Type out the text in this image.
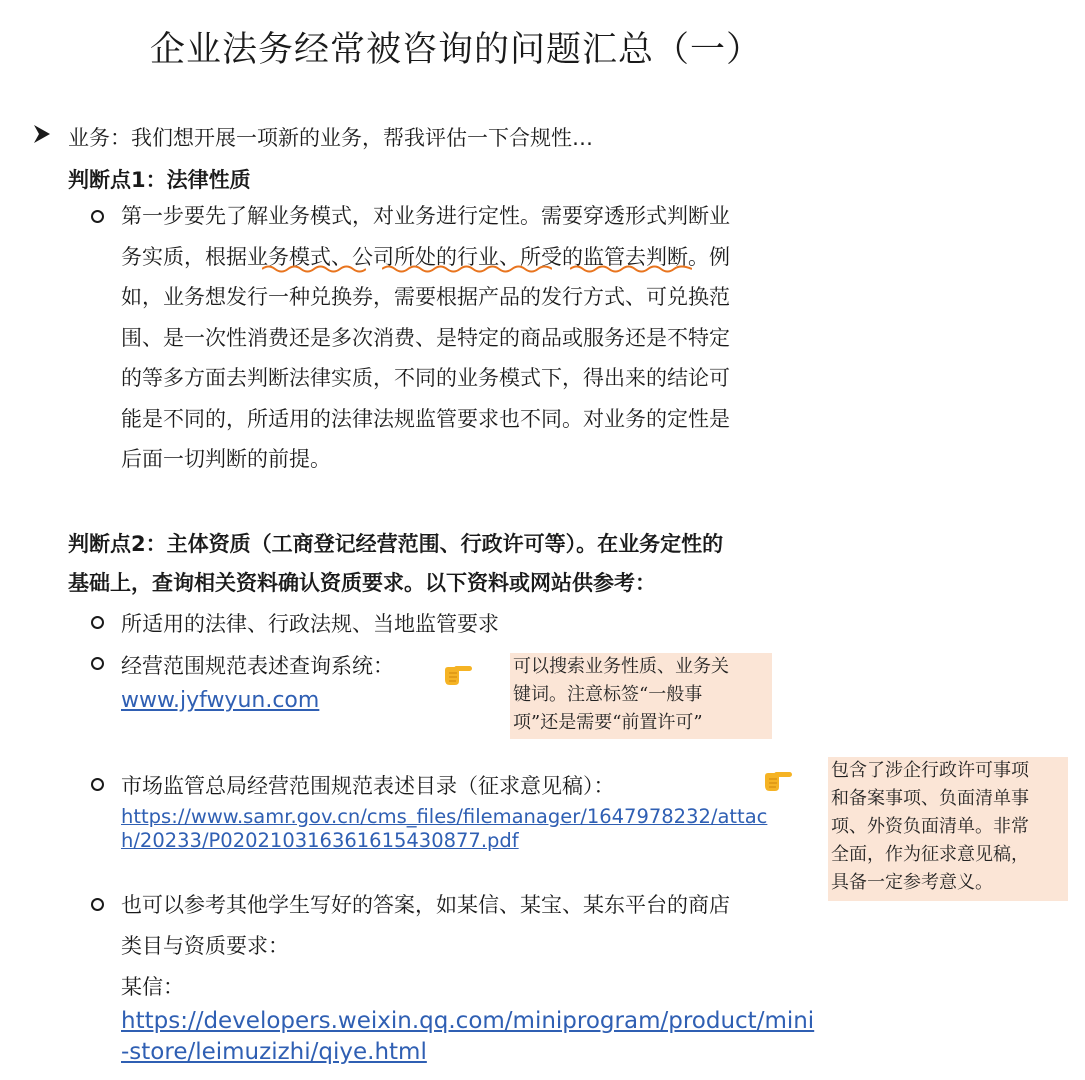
企业法务经常被咨询的问题汇总（一）
业务：我们想开展一项新的业务，帮我评估一下合规性…
判断点1：法律性质
第一步要先了解业务模式，对业务进行定性。需要穿透形式判断业
务实质，根据业务模式、公司所处的行业、所受的监管去判断。例
如，业务想发行一种兑换券，需要根据产品的发行方式、可兑换范
围、是一次性消费还是多次消费、是特定的商品或服务还是不特定
的等多方面去判断法律实质，不同的业务模式下，得出来的结论可
能是不同的，所适用的法律法规监管要求也不同。对业务的定性是
后面一切判断的前提。
判断点2：主体资质（工商登记经营范围、行政许可等）。在业务定性的
基础上，查询相关资料确认资质要求。以下资料或网站供参考：
所适用的法律、行政法规、当地监管要求
经营范围规范表述查询系统：
www.jyfwyun.com
可以搜索业务性质、业务关
键词。注意标签“一般事
项”还是需要“前置许可”
市场监管总局经营范围规范表述目录（征求意见稿）：
https://www.samr.gov.cn/cms_files/filemanager/1647978232/attac
h/20233/P020210316361615430877.pdf
包含了涉企行政许可事项
和备案事项、负面清单事
项、外资负面清单。非常
全面，作为征求意见稿，
具备一定参考意义。
也可以参考其他学生写好的答案，如某信、某宝、某东平台的商店
类目与资质要求：
某信：
https://developers.weixin.qq.com/miniprogram/product/mini
-store/leimuzizhi/qiye.html
